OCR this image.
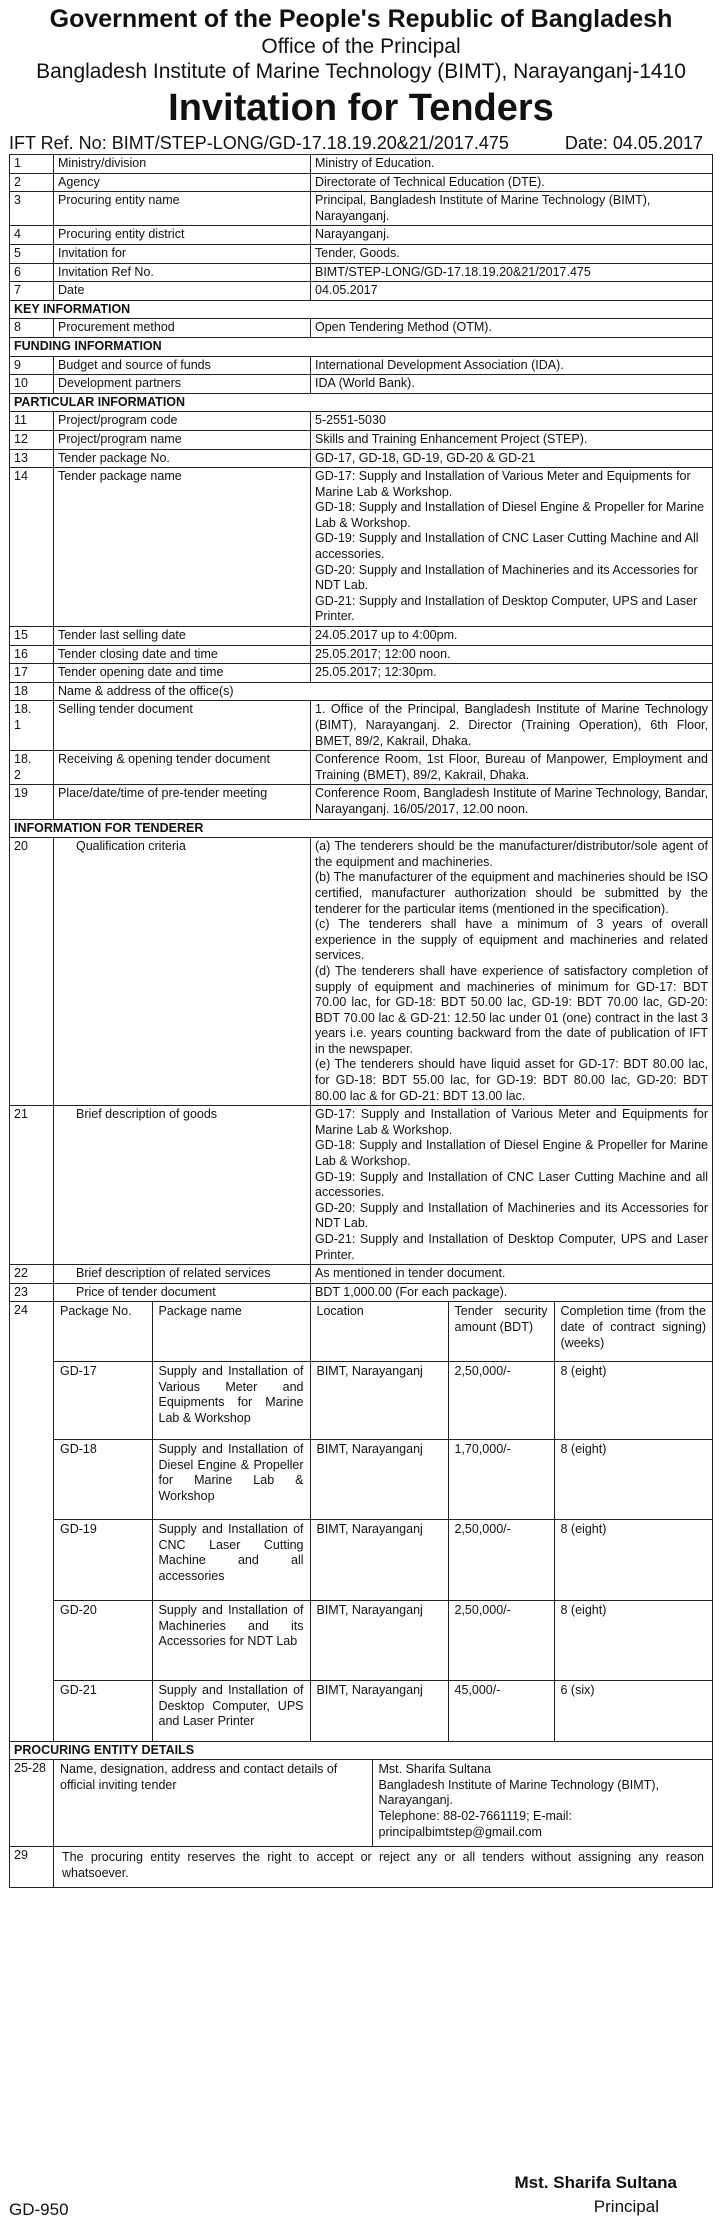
Government of the People's Republic of Bangladesh
Office of the Principal
Bangladesh Institute of Marine Technology (BIMT), Narayanganj-1410
Invitation for Tenders
IFT Ref. No: BIMT/STEP-LONG/GD-17.18.19.20&21/2017.475	Date: 04.05.2017
1	Ministry/division	Ministry of Education.
2	Agency	Directorate of Technical Education (DTE).
3	Procuring entity name	Principal, Bangladesh Institute of Marine Technology (BIMT), Narayanganj.
4	Procuring entity district	Narayanganj.
5	Invitation for	Tender, Goods.
6	Invitation Ref No.	BIMT/STEP-LONG/GD-17.18.19.20&21/2017.475
7	Date	04.05.2017
KEY INFORMATION
8	Procurement method	Open Tendering Method (OTM).
FUNDING INFORMATION
9	Budget and source of funds	International Development Association (IDA).
10	Development partners	IDA (World Bank).
PARTICULAR INFORMATION
11	Project/program code	5-2551-5030
12	Project/program name	Skills and Training Enhancement Project (STEP).
13	Tender package No.	GD-17, GD-18, GD-19, GD-20 & GD-21
14	Tender package name	GD-17: Supply and Installation of Various Meter and Equipments for Marine Lab & Workshop.
GD-18: Supply and Installation of Diesel Engine & Propeller for Marine Lab & Workshop.
GD-19: Supply and Installation of CNC Laser Cutting Machine and All accessories.
GD-20: Supply and Installation of Machineries and its Accessories for NDT Lab.
GD-21: Supply and Installation of Desktop Computer, UPS and Laser Printer.

15	Tender last selling date	24.05.2017 up to 4:00pm.
16	Tender closing date and time	25.05.2017; 12:00 noon.
17	Tender opening date and time	25.05.2017; 12:30pm.
18	Name & address of the office(s)
18.
1	Selling tender document	1. Office of the Principal, Bangladesh Institute of Marine Technology (BIMT), Narayanganj. 2. Director (Training Operation), 6th Floor, BMET, 89/2, Kakrail, Dhaka.
18.
2	Receiving & opening tender document	Conference Room, 1st Floor, Bureau of Manpower, Employment and Training (BMET), 89/2, Kakrail, Dhaka.
19	Place/date/time of pre-tender meeting	Conference Room, Bangladesh Institute of Marine Technology, Bandar, Narayanganj. 16/05/2017, 12.00 noon.
INFORMATION FOR TENDERER
20	Qualification criteria	(a) The tenderers should be the manufacturer/distributor/sole agent of the equipment and machineries.
(b) The manufacturer of the equipment and machineries should be ISO certified, manufacturer authorization should be submitted by the tenderer for the particular items (mentioned in the specification).
(c) The tenderers shall have a minimum of 3 years of overall experience in the supply of equipment and machineries and related services.
(d) The tenderers shall have experience of satisfactory completion of supply of equipment and machineries of minimum for GD-17: BDT 70.00 lac, for GD-18: BDT 50.00 lac, GD-19: BDT 70.00 lac, GD-20: BDT 70.00 lac & GD-21: 12.50 lac under 01 (one) contract in the last 3 years i.e. years counting backward from the date of publication of IFT in the newspaper.
(e) The tenderers should have liquid asset for GD-17: BDT 80.00 lac, for GD-18: BDT 55.00 lac, for GD-19: BDT 80.00 lac, GD-20: BDT 80.00 lac & for GD-21: BDT 13.00 lac.

21	Brief description of goods	GD-17: Supply and Installation of Various Meter and Equipments for Marine Lab & Workshop.
GD-18: Supply and Installation of Diesel Engine & Propeller for Marine Lab & Workshop.
GD-19: Supply and Installation of CNC Laser Cutting Machine and all accessories.
GD-20: Supply and Installation of Machineries and its Accessories for NDT Lab.
GD-21: Supply and Installation of Desktop Computer, UPS and Laser Printer.

22	Brief description of related services	As mentioned in tender document.
23	Price of tender document	BDT 1,000.00 (For each package).
24		Package No.	Package name	Location	Tender security amount (BDT)	Completion time (from the date of contract signing) (weeks)
GD-17	Supply and Installation of Various Meter and Equipments for Marine Lab & Workshop	BIMT, Narayanganj	2,50,000/-	8 (eight)
GD-18	Supply and Installation of Diesel Engine & Propeller for Marine Lab & Workshop	BIMT, Narayanganj	1,70,000/-	8 (eight)
GD-19	Supply and Installation of CNC Laser Cutting Machine and all accessories	BIMT, Narayanganj	2,50,000/-	8 (eight)
GD-20	Supply and Installation of Machineries and its Accessories for NDT Lab	BIMT, Narayanganj	2,50,000/-	8 (eight)
GD-21	Supply and Installation of Desktop Computer, UPS and Laser Printer	BIMT, Narayanganj	45,000/-	6 (six)

PROCURING ENTITY DETAILS
25-28	Name, designation, address and contact details of official inviting tender	
Mst. Sharifa Sultana
Bangladesh Institute of Marine Technology (BIMT), Narayanganj.
Telephone: 88-02-7661119; E-mail: principalbimtstep@gmail.com

29	The procuring entity reserves the right to accept or reject any or all tenders without assigning any reason whatsoever.
Mst. Sharifa Sultana
Principal
GD-950
